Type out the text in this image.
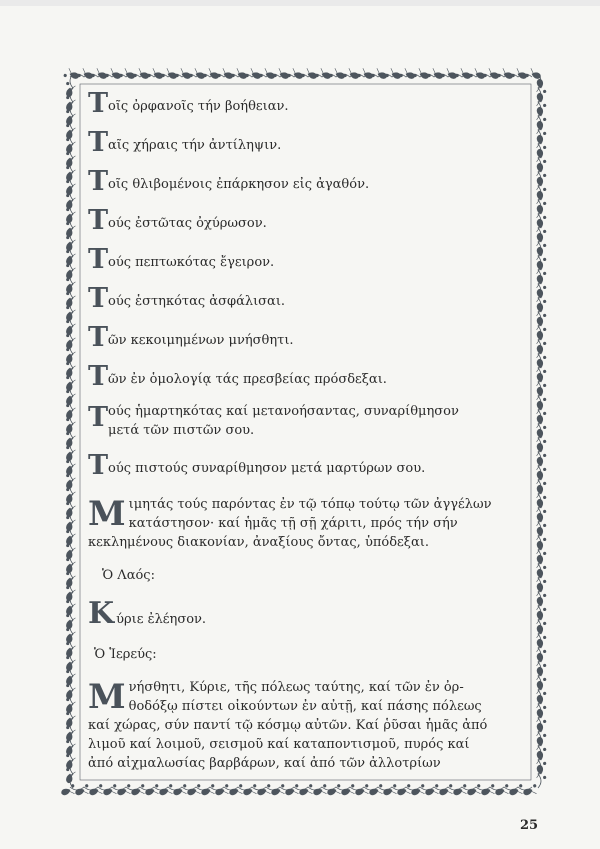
Τ οῖς ὀρφανοῖς τήν βοήθειαν.
Τ αῖς χήραις τήν ἀντίληψιν.
Τ οῖς θλιβομένοις ἐπάρκησον εἰς ἀγαθόν.
Τ ούς ἐστῶτας ὀχύρωσον.
Τ ούς πεπτωκότας ἔγειρον.
Τ ούς ἑστηκότας ἀσφάλισαι.
Τ ῶν κεκοιμημένων μνήσθητι.
Τ ῶν ἐν ὁμολογίᾳ τάς πρεσβείας πρόσδεξαι.
Τ ούς ἡμαρτηκότας καί μετανοήσαντας, συναρίθμησον
μετά τῶν πιστῶν σου.
Τ ούς πιστούς συναρίθμησον μετά μαρτύρων σου.
Μ ιμητάς τούς παρόντας ἐν τῷ τόπῳ τούτῳ τῶν ἀγγέλων
κατάστησον· καί ἡμᾶς τῇ σῇ χάριτι, πρός τήν σήν
κεκλημένους διακονίαν, ἀναξίους ὄντας, ὑπόδεξαι.
Ὁ Λαός:
Κ ύριε ἐλέησον.
Ὁ Ἱερεύς:
Μ νήσθητι, Κύριε, τῆς πόλεως ταύτης, καί τῶν ἐν ὀρ-
θοδόξῳ πίστει οἰκούντων ἐν αὐτῇ, καί πάσης πόλεως
καί χώρας, σύν παντί τῷ κόσμῳ αὐτῶν. Καί ῥῦσαι ἡμᾶς ἀπό
λιμοῦ καί λοιμοῦ, σεισμοῦ καί καταποντισμοῦ, πυρός καί
ἀπό αἰχμαλωσίας βαρβάρων, καί ἀπό τῶν ἀλλοτρίων
25
